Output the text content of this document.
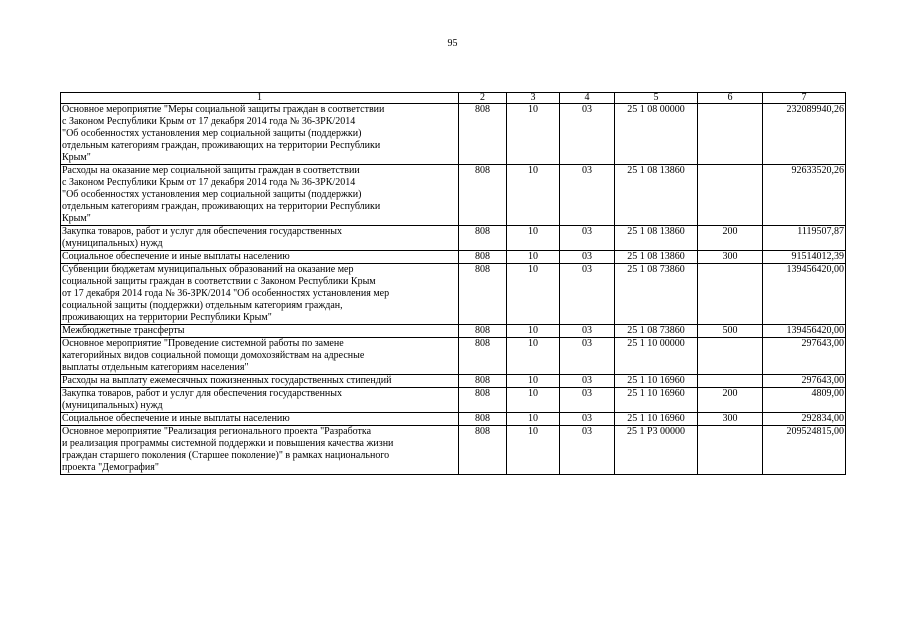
95
1	2	3	4	5	6	7
Основное мероприятие "Меры социальной защиты граждан в соответствии
с Законом Республики Крым от 17 декабря 2014 года № 36-ЗРК/2014
"Об особенностях установления мер социальной защиты (поддержки)
отдельным категориям граждан, проживающих на территории Республики
Крым"	808	10	03	25 1 08 00000		232089940,26
Расходы на оказание мер социальной защиты граждан в соответствии
с Законом Республики Крым от 17 декабря 2014 года № 36-ЗРК/2014
"Об особенностях установления мер социальной защиты (поддержки)
отдельным категориям граждан, проживающих на территории Республики
Крым"	808	10	03	25 1 08 13860		92633520,26
Закупка товаров, работ и услуг для обеспечения государственных
(муниципальных) нужд	808	10	03	25 1 08 13860	200	1119507,87
Социальное обеспечение и иные выплаты населению	808	10	03	25 1 08 13860	300	91514012,39
Субвенции бюджетам муниципальных образований на оказание мер
социальной защиты граждан в соответствии с Законом Республики Крым
от 17 декабря 2014 года № 36-ЗРК/2014 "Об особенностях установления мер
социальной защиты (поддержки) отдельным категориям граждан,
проживающих на территории Республики Крым"	808	10	03	25 1 08 73860		139456420,00
Межбюджетные трансферты	808	10	03	25 1 08 73860	500	139456420,00
Основное мероприятие "Проведение системной работы по замене
категорийных видов социальной помощи домохозяйствам на адресные
выплаты отдельным категориям населения"	808	10	03	25 1 10 00000		297643,00
Расходы на выплату ежемесячных пожизненных государственных стипендий	808	10	03	25 1 10 16960		297643,00
Закупка товаров, работ и услуг для обеспечения государственных
(муниципальных) нужд	808	10	03	25 1 10 16960	200	4809,00
Социальное обеспечение и иные выплаты населению	808	10	03	25 1 10 16960	300	292834,00
Основное мероприятие "Реализация регионального проекта "Разработка
и реализация программы системной поддержки и повышения качества жизни
граждан старшего поколения (Старшее поколение)" в рамках национального
проекта "Демография"	808	10	03	25 1 P3 00000		209524815,00
